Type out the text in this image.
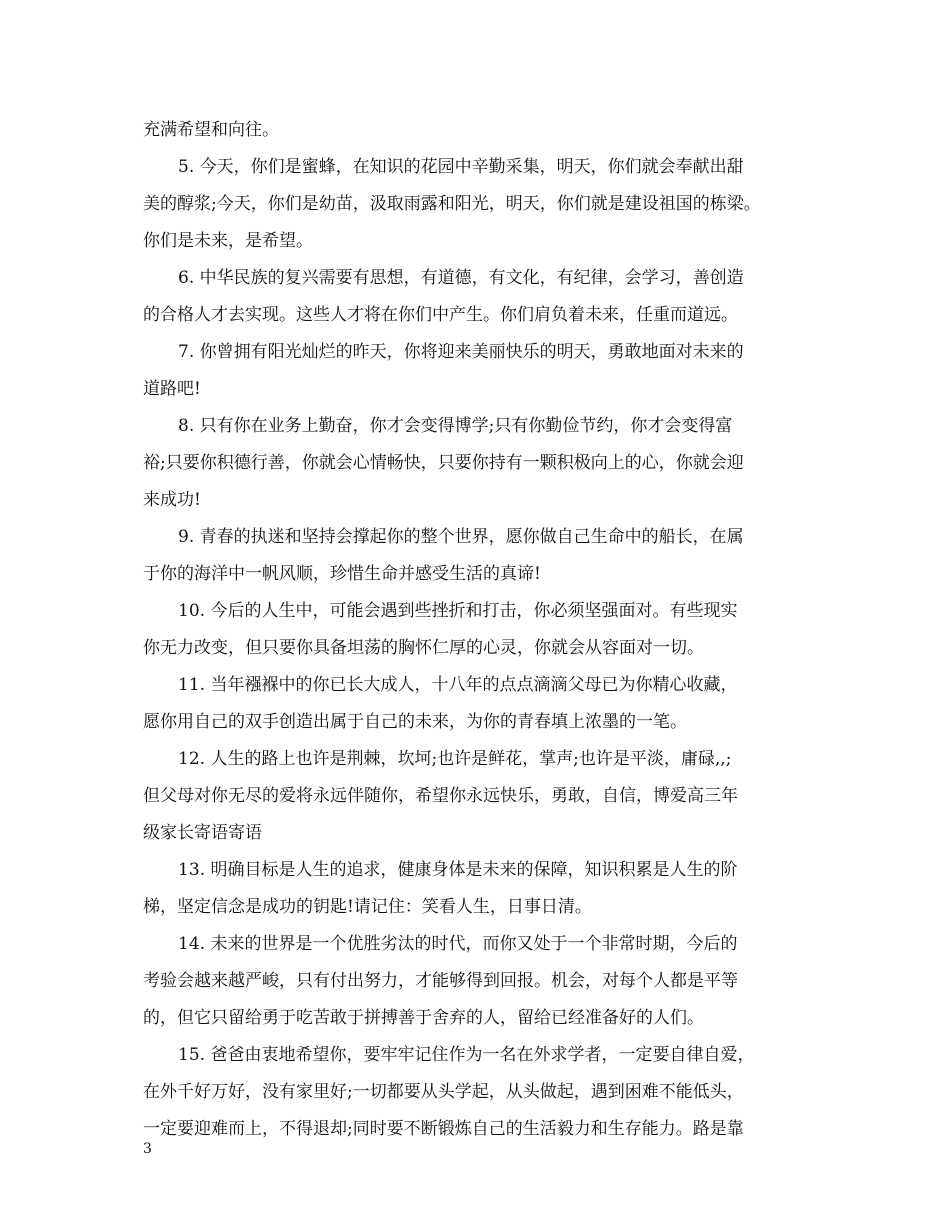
充满希望和向往。
5. 今天，你们是蜜蜂，在知识的花园中辛勤采集，明天，你们就会奉献出甜
美的醇浆;今天，你们是幼苗，汲取雨露和阳光，明天，你们就是建设祖国的栋梁。
你们是未来，是希望。
6. 中华民族的复兴需要有思想，有道德，有文化，有纪律，会学习，善创造
的合格人才去实现。这些人才将在你们中产生。你们肩负着未来，任重而道远。
7. 你曾拥有阳光灿烂的昨天，你将迎来美丽快乐的明天，勇敢地面对未来的
道路吧!
8. 只有你在业务上勤奋，你才会变得博学;只有你勤俭节约，你才会变得富
裕;只要你积德行善，你就会心情畅快，只要你持有一颗积极向上的心，你就会迎
来成功!
9. 青春的执迷和坚持会撑起你的整个世界，愿你做自己生命中的船长，在属
于你的海洋中一帆风顺，珍惜生命并感受生活的真谛!
10. 今后的人生中，可能会遇到些挫折和打击，你必须坚强面对。有些现实
你无力改变，但只要你具备坦荡的胸怀仁厚的心灵，你就会从容面对一切。
11. 当年襁褓中的你已长大成人，十八年的点点滴滴父母已为你精心收藏，
愿你用自己的双手创造出属于自己的未来，为你的青春填上浓墨的一笔。
12. 人生的路上也许是荆棘，坎坷;也许是鲜花，掌声;也许是平淡，庸碌,,;
但父母对你无尽的爱将永远伴随你，希望你永远快乐，勇敢，自信，博爱高三年
级家长寄语寄语
13. 明确目标是人生的追求，健康身体是未来的保障，知识积累是人生的阶
梯，坚定信念是成功的钥匙!请记住：笑看人生，日事日清。
14. 未来的世界是一个优胜劣汰的时代，而你又处于一个非常时期，今后的
考验会越来越严峻，只有付出努力，才能够得到回报。机会，对每个人都是平等
的，但它只留给勇于吃苦敢于拼搏善于舍弃的人，留给已经准备好的人们。
15. 爸爸由衷地希望你，要牢牢记住作为一名在外求学者，一定要自律自爱，
在外千好万好，没有家里好;一切都要从头学起，从头做起，遇到困难不能低头，
一定要迎难而上，不得退却;同时要不断锻炼自己的生活毅力和生存能力。路是靠
3
